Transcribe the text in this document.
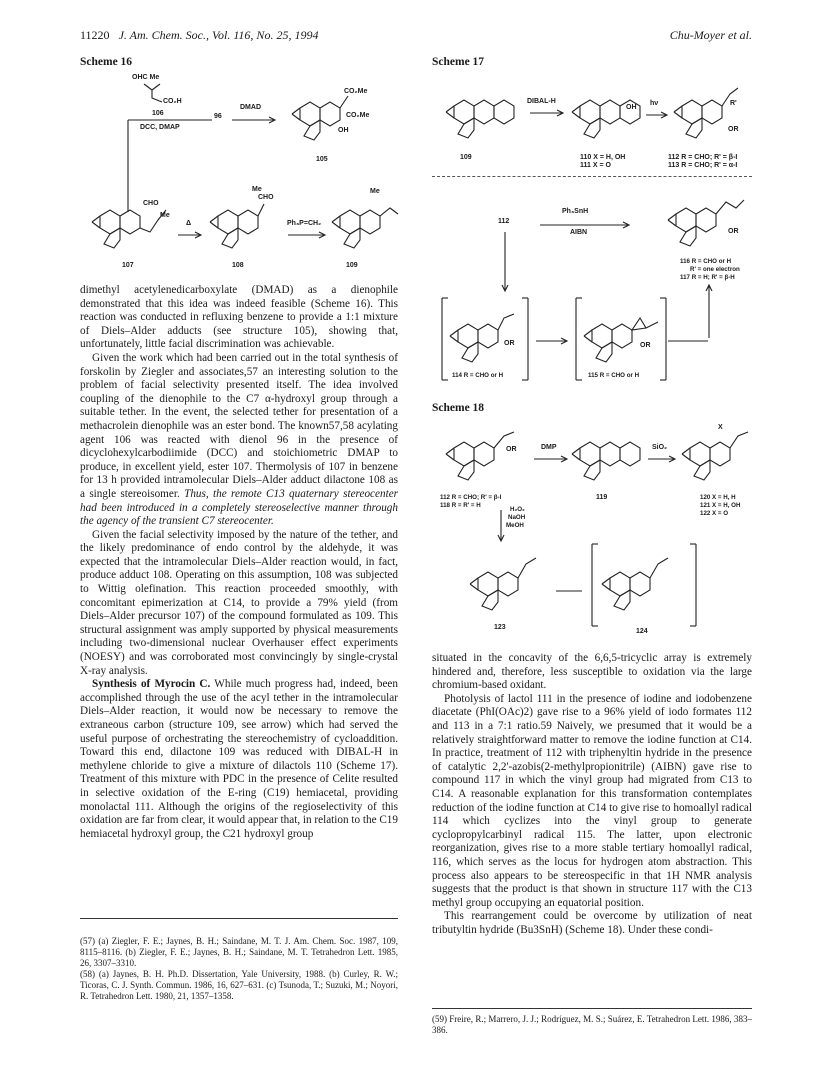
11220 J. Am. Chem. Soc., Vol. 116, No. 25, 1994	Chu-Moyer et al.
Scheme 16
OHC Me
CO₂H
106
DCC, DMAP
96
DMAD
CO₂Me
CO₂Me
OH
105
CHO
Me
107
Δ
CHO
Me
108
Ph₃P=CH₂
Me
109

dimethyl acetylenedicarboxylate (DMAD) as a dienophile demonstrated that this idea was indeed feasible (Scheme 16). This reaction was conducted in refluxing benzene to provide a 1:1 mixture of Diels–Alder adducts (see structure 105), showing that, unfortunately, little facial discrimination was achievable.

Given the work which had been carried out in the total synthesis of forskolin by Ziegler and associates,57 an interesting solution to the problem of facial selectivity presented itself. The idea involved coupling of the dienophile to the C7 α-hydroxyl group through a suitable tether. In the event, the selected tether for presentation of a methacrolein dienophile was an ester bond. The known57,58 acylating agent 106 was reacted with dienol 96 in the presence of dicyclohexylcarbodiimide (DCC) and stoichiometric DMAP to produce, in excellent yield, ester 107. Thermolysis of 107 in benzene for 13 h provided intramolecular Diels–Alder adduct dilactone 108 as a single stereoisomer. Thus, the remote C13 quaternary stereocenter had been introduced in a completely stereoselective manner through the agency of the transient C7 stereocenter.

Given the facial selectivity imposed by the nature of the tether, and the likely predominance of endo control by the aldehyde, it was expected that the intramolecular Diels–Alder reaction would, in fact, produce adduct 108. Operating on this assumption, 108 was subjected to Wittig olefination. This reaction proceeded smoothly, with concomitant epimerization at C14, to provide a 79% yield (from Diels–Alder precursor 107) of the compound formulated as 109. This structural assignment was amply supported by physical measurements including two-dimensional nuclear Overhauser effect experiments (NOESY) and was corroborated most convincingly by single-crystal X-ray analysis.

Synthesis of Myrocin C. While much progress had, indeed, been accomplished through the use of the acyl tether in the intramolecular Diels–Alder reaction, it would now be necessary to remove the extraneous carbon (structure 109, see arrow) which had served the useful purpose of orchestrating the stereochemistry of cycloaddition. Toward this end, dilactone 109 was reduced with DIBAL-H in methylene chloride to give a mixture of dilactols 110 (Scheme 17). Treatment of this mixture with PDC in the presence of Celite resulted in selective oxidation of the E-ring (C19) hemiacetal, providing monolactal 111. Although the origins of the regioselectivity of this oxidation are far from clear, it would appear that, in relation to the C19 hemiacetal hydroxyl group, the C21 hydroxyl group

(57) (a) Ziegler, F. E.; Jaynes, B. H.; Saindane, M. T. J. Am. Chem. Soc. 1987, 109, 8115–8116. (b) Ziegler, F. E.; Jaynes, B. H.; Saindane, M. T. Tetrahedron Lett. 1985, 26, 3307–3310.
(58) (a) Jaynes, B. H. Ph.D. Dissertation, Yale University, 1988. (b) Curley, R. W.; Ticoras, C. J. Synth. Commun. 1986, 16, 627–631. (c) Tsunoda, T.; Suzuki, M.; Noyori, R. Tetrahedron Lett. 1980, 21, 1357–1358.
Scheme 17
109
DIBAL-H
OH
110 X = H, OH
111 X = O
hν	R'
OR
112 R = CHO; R' = β-I
113 R = CHO; R' = α-I
112
Ph₃SnH
AIBN	OR
116 R = CHO or H
R' = one electron
117 R = H; R' = β-H
OR
114 R = CHO or H
OR
115 R = CHO or H
Scheme 18
OR
112 R = CHO; R' = β-I
118 R = R' = H
DMP
119
SiO₂
X
120 X = H, H
121 X = H, OH
122 X = O
H₂O₂
NaOH
MeOH
123
124

situated in the concavity of the 6,6,5-tricyclic array is extremely hindered and, therefore, less susceptible to oxidation via the large chromium-based oxidant.

Photolysis of lactol 111 in the presence of iodine and iodobenzene diacetate (PhI(OAc)2) gave rise to a 96% yield of iodo formates 112 and 113 in a 7:1 ratio.59 Naively, we presumed that it would be a relatively straightforward matter to remove the iodine function at C14. In practice, treatment of 112 with triphenyltin hydride in the presence of catalytic 2,2'-azobis(2-methylpropionitrile) (AIBN) gave rise to compound 117 in which the vinyl group had migrated from C13 to C14. A reasonable explanation for this transformation contemplates reduction of the iodine function at C14 to give rise to homoallyl radical 114 which cyclizes into the vinyl group to generate cyclopropylcarbinyl radical 115. The latter, upon electronic reorganization, gives rise to a more stable tertiary homoallyl radical, 116, which serves as the locus for hydrogen atom abstraction. This process also appears to be stereospecific in that 1H NMR analysis suggests that the product is that shown in structure 117 with the C13 methyl group occupying an equatorial position.

This rearrangement could be overcome by utilization of neat tributyltin hydride (Bu3SnH) (Scheme 18). Under these condi-

(59) Freire, R.; Marrero, J. J.; Rodríguez, M. S.; Suárez, E. Tetrahedron Lett. 1986, 383–386.
